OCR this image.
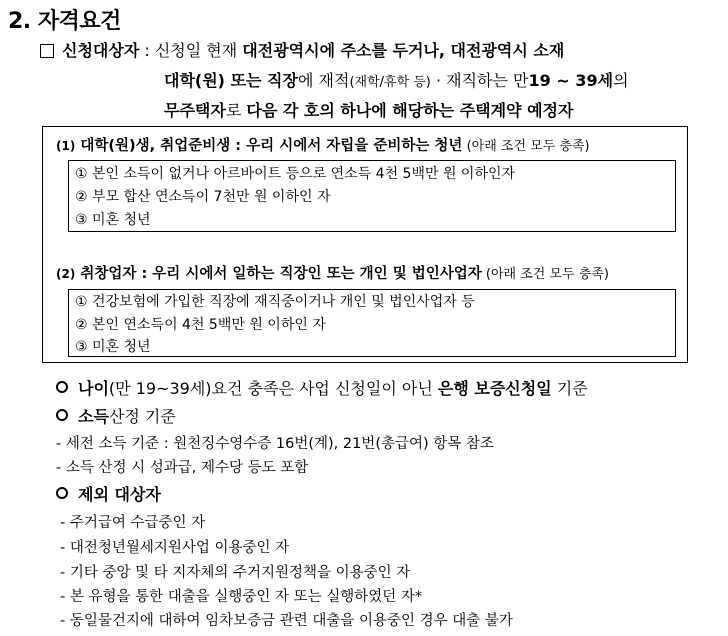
2. 자격요건
신청대상자 : 신청일 현재 대전광역시에 주소를 두거나, 대전광역시 소재
대학(원) 또는 직장에 재적(재학/휴학 등) · 재직하는 만19 ~ 39세의
무주택자로 다음 각 호의 하나에 해당하는 주택계약 예정자
(1) 대학(원)생, 취업준비생 : 우리 시에서 자립을 준비하는 청년 (아래 조건 모두 충족)
① 본인 소득이 없거나 아르바이트 등으로 연소득 4천 5백만 원 이하인자
② 부모 합산 연소득이 7천만 원 이하인 자
③ 미혼 청년
(2) 취창업자 : 우리 시에서 일하는 직장인 또는 개인 및 법인사업자 (아래 조건 모두 충족)
① 건강보험에 가입한 직장에 재직중이거나 개인 및 법인사업자 등
② 본인 연소득이 4천 5백만 원 이하인 자
③ 미혼 청년
나이(만 19~39세)요건 충족은 사업 신청일이 아닌 은행 보증신청일 기준
소득산정 기준
- 세전 소득 기준 : 원천징수영수증 16번(계), 21번(총급여) 항목 참조
- 소득 산정 시 성과급, 제수당 등도 포함
제외 대상자
- 주거급여 수급중인 자
- 대전청년월세지원사업 이용중인 자
- 기타 중앙 및 타 지자체의 주거지원정책을 이용중인 자
- 본 유형을 통한 대출을 실행중인 자 또는 실행하였던 자*
- 동일물건지에 대하여 임차보증금 관련 대출을 이용중인 경우 대출 불가
